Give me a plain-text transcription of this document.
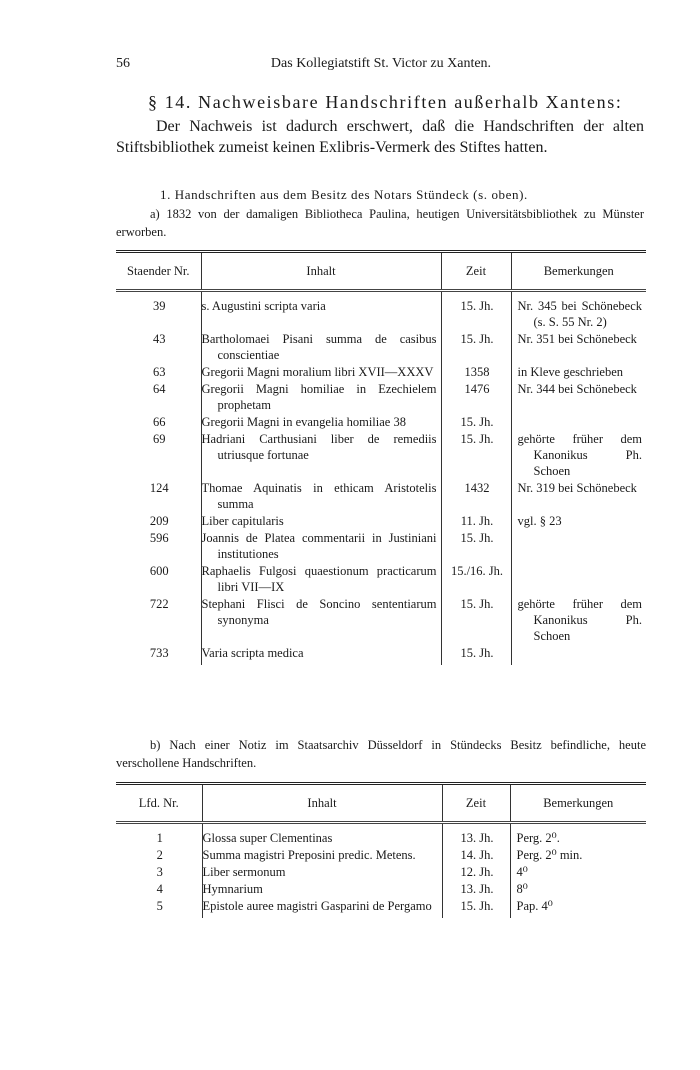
56	Das Kollegiatstift St. Victor zu Xanten.
§ 14. Nachweisbare Handschriften außerhalb Xantens:
Der Nachweis ist dadurch erschwert, daß die Handschriften der alten Stiftsbibliothek zumeist keinen Exlibris-Vermerk des Stiftes hatten.
1. Handschriften aus dem Besitz des Notars Stündeck (s. oben).
a) 1832 von der damaligen Bibliotheca Paulina, heutigen Universitätsbibliothek zu Münster erworben.
Staender Nr.	Inhalt	Zeit	Bemerkungen
39	s. Augustini scripta varia	15. Jh.	Nr. 345 bei Schönebeck (s. S. 55 Nr. 2)
43	Bartholomaei Pisani summa de casibus conscientiae	15. Jh.	Nr. 351 bei Schönebeck
63	Gregorii Magni moralium libri XVII—XXXV	1358	in Kleve geschrieben
64	Gregorii Magni homiliae in Ezechielem prophetam	1476	Nr. 344 bei Schönebeck
66	Gregorii Magni in evangelia homiliae 38	15. Jh.	
69	Hadriani Carthusiani liber de remediis utriusque fortunae	15. Jh.	gehörte früher dem Kanonikus Ph. Schoen
124	Thomae Aquinatis in ethicam Aristotelis summa	1432	Nr. 319 bei Schönebeck
209	Liber capitularis	11. Jh.	vgl. § 23
596	Joannis de Platea commentarii in Justiniani institutiones	15. Jh.	
600	Raphaelis Fulgosi quaestionum practicarum libri VII—IX	15./16. Jh.	
722	Stephani Flisci de Soncino sententiarum synonyma	15. Jh.	gehörte früher dem Kanonikus Ph. Schoen
733	Varia scripta medica	15. Jh.	
b) Nach einer Notiz im Staatsarchiv Düsseldorf in Stündecks Besitz befindliche, heute verschollene Handschriften.
Lfd. Nr.	Inhalt	Zeit	Bemerkungen
1	Glossa super Clementinas	13. Jh.	Perg. 2⁰.
2	Summa magistri Preposini predic. Metens.	14. Jh.	Perg. 2⁰ min.
3	Liber sermonum	12. Jh.	4⁰
4	Hymnarium	13. Jh.	8⁰
5	Epistole auree magistri Gasparini de Pergamo	15. Jh.	Pap. 4⁰
